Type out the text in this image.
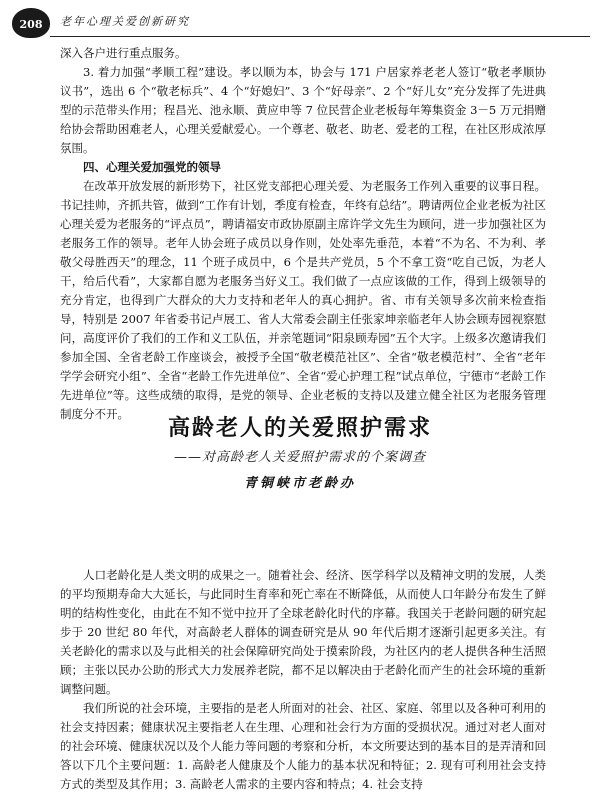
208	老年心理关爱创新研究

深入各户进行重点服务。

3. 着力加强“孝顺工程”建设。孝以顺为本，协会与 171 户居家养老老人签订“敬老孝顺协议书”，选出 6 个“敬老标兵”、4 个“好媳妇”、3 个“好母亲”、2 个“好儿女”充分发挥了先进典型的示范带头作用；程昌光、池永顺、黄应申等 7 位民营企业老板每年筹集资金 3－5 万元捐赠给协会帮助困难老人，心理关爱献爱心。一个尊老、敬老、助老、爱老的工程，在社区形成浓厚氛围。

四、心理关爱加强党的领导

在改革开放发展的新形势下，社区党支部把心理关爱、为老服务工作列入重要的议事日程。书记挂帅，齐抓共管，做到“工作有计划，季度有检查，年终有总结”。聘请两位企业老板为社区心理关爱为老服务的“评点员”，聘请福安市政协原副主席许学文先生为顾问，进一步加强社区为老服务工作的领导。老年人协会班子成员以身作则，处处率先垂范，本着“不为名、不为利、孝敬父母胜西天”的理念，11 个班子成员中，6 个是共产党员，5 个不拿工资“吃自己饭，为老人干，给后代看”，大家都自愿为老服务当好义工。我们做了一点应该做的工作，得到上级领导的充分肯定，也得到广大群众的大力支持和老年人的真心拥护。省、市有关领导多次前来检查指导，特别是 2007 年省委书记卢展工、省人大常委会副主任张家坤亲临老年人协会顾寿园视察慰问，高度评价了我们的工作和义工队伍，并亲笔题词“阳泉顾寿园”五个大字。上级多次邀请我们参加全国、全省老龄工作座谈会，被授予全国“敬老模范社区”、全省“敬老模范村”、全省“老年学学会研究小组”、全省“老龄工作先进单位”、全省“爱心护理工程”试点单位，宁德市“老龄工作先进单位”等。这些成绩的取得，是党的领导、企业老板的支持以及建立健全社区为老服务管理制度分不开。

高龄老人的关爱照护需求
——对高龄老人关爱照护需求的个案调查
青铜峡市老龄办

人口老龄化是人类文明的成果之一。随着社会、经济、医学科学以及精神文明的发展，人类的平均预期寿命大大延长，与此同时生育率和死亡率在不断降低，从而使人口年龄分布发生了鲜明的结构性变化，由此在不知不觉中拉开了全球老龄化时代的序幕。我国关于老龄问题的研究起步于 20 世纪 80 年代，对高龄老人群体的调查研究是从 90 年代后期才逐渐引起更多关注。有关老龄化的需求以及与此相关的社会保障研究尚处于摸索阶段，为社区内的老人提供各种生活照顾；主张以民办公助的形式大力发展养老院，都不足以解决由于老龄化而产生的社会环境的重新调整问题。

我们所说的社会环境，主要指的是老人所面对的社会、社区、家庭、邻里以及各种可利用的社会支持因素；健康状况主要指老人在生理、心理和社会行为方面的受损状况。通过对老人面对的社会环境、健康状况以及个人能力等问题的考察和分析，本文所要达到的基本目的是弄清和回答以下几个主要问题：1. 高龄老人健康及个人能力的基本状况和特征；2. 现有可利用社会支持方式的类型及其作用；3. 高龄老人需求的主要内容和特点；4. 社会支持
